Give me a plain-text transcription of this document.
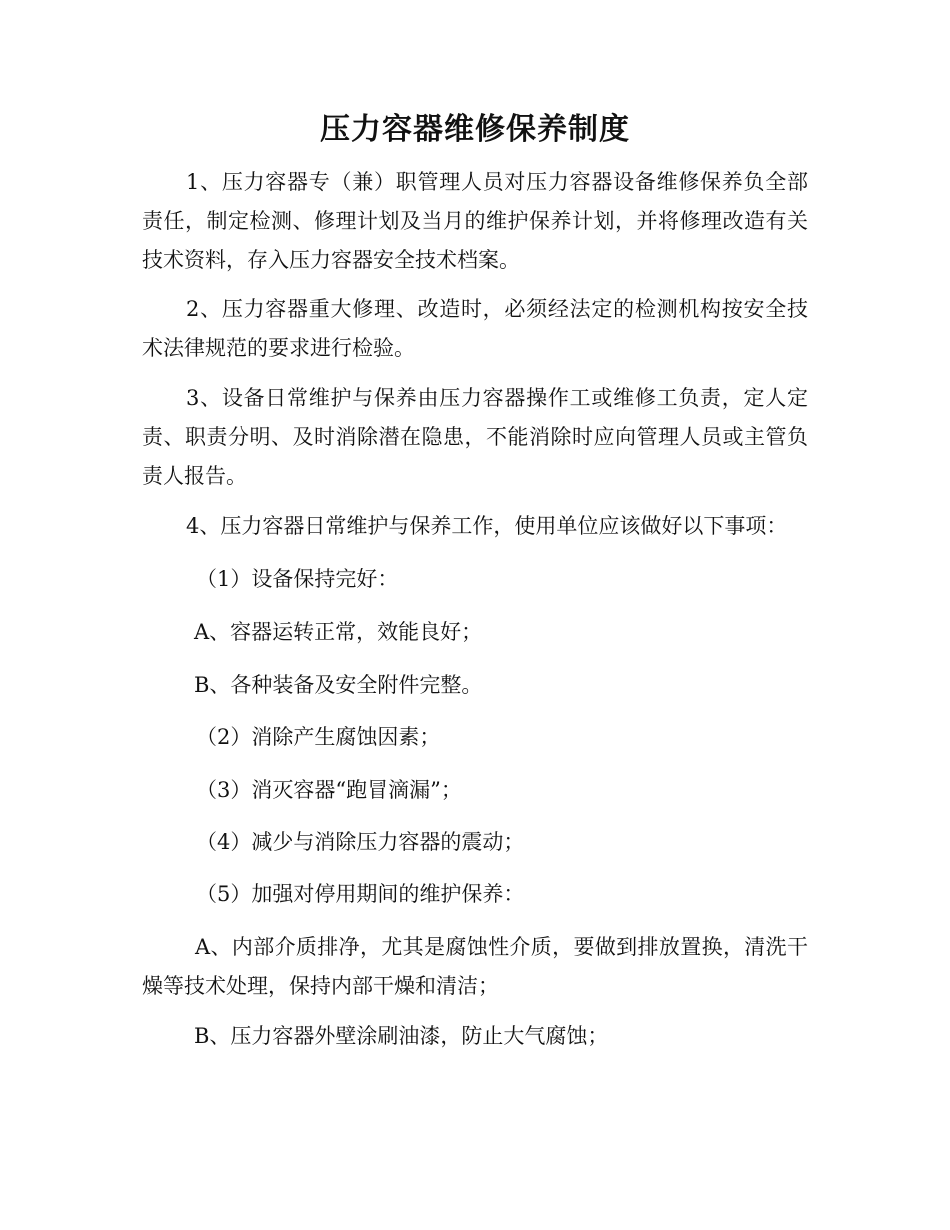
压力容器维修保养制度

1、压力容器专（兼）职管理人员对压力容器设备维修保养负全部责任，制定检测、修理计划及当月的维护保养计划，并将修理改造有关技术资料，存入压力容器安全技术档案。

2、压力容器重大修理、改造时，必须经法定的检测机构按安全技术法律规范的要求进行检验。

3、设备日常维护与保养由压力容器操作工或维修工负责，定人定责、职责分明、及时消除潜在隐患，不能消除时应向管理人员或主管负责人报告。

4、压力容器日常维护与保养工作，使用单位应该做好以下事项：

（1）设备保持完好：

A、容器运转正常，效能良好；

B、各种装备及安全附件完整。

（2）消除产生腐蚀因素；

（3）消灭容器“跑冒滴漏”；

（4）减少与消除压力容器的震动；

（5）加强对停用期间的维护保养：

A、内部介质排净，尤其是腐蚀性介质，要做到排放置换，清洗干燥等技术处理，保持内部干燥和清洁；

B、压力容器外壁涂刷油漆，防止大气腐蚀；
